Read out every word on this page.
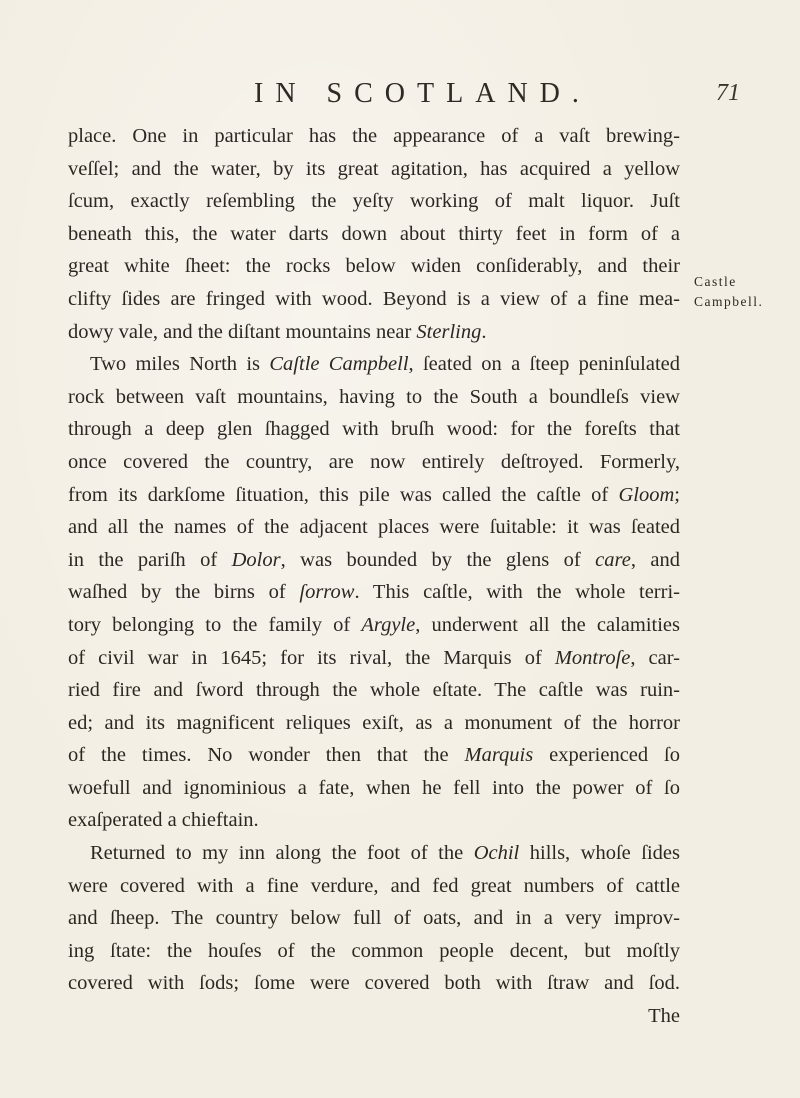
IN SCOTLAND.	71
place. One in particular has the appearance of a vaſt brewing-
veſſel; and the water, by its great agitation, has acquired a yellow
ſcum, exactly reſembling the yeſty working of malt liquor. Juſt
beneath this, the water darts down about thirty feet in form of a
great white ſheet: the rocks below widen conſiderably, and their
clifty ſides are fringed with wood. Beyond is a view of a fine mea-
dowy vale, and the diſtant mountains near Sterling.
Two miles North is Caſtle Campbell, ſeated on a ſteep peninſulated
rock between vaſt mountains, having to the South a boundleſs view
through a deep glen ſhagged with bruſh wood: for the foreſts that
once covered the country, are now entirely deſtroyed. Formerly,
from its darkſome ſituation, this pile was called the caſtle of Gloom;
and all the names of the adjacent places were ſuitable: it was ſeated
in the pariſh of Dolor, was bounded by the glens of care, and
waſhed by the birns of ſorrow. This caſtle, with the whole terri-
tory belonging to the family of Argyle, underwent all the calamities
of civil war in 1645; for its rival, the Marquis of Montroſe, car-
ried fire and ſword through the whole eſtate. The caſtle was ruin-
ed; and its magnificent reliques exiſt, as a monument of the horror
of the times. No wonder then that the Marquis experienced ſo
woefull and ignominious a fate, when he fell into the power of ſo
exaſperated a chieftain.
Returned to my inn along the foot of the Ochil hills, whoſe ſides
were covered with a fine verdure, and fed great numbers of cattle
and ſheep. The country below full of oats, and in a very improv-
ing ſtate: the houſes of the common people decent, but moſtly
covered with ſods; ſome were covered both with ſtraw and ſod.
The
Castle
Campbell.
